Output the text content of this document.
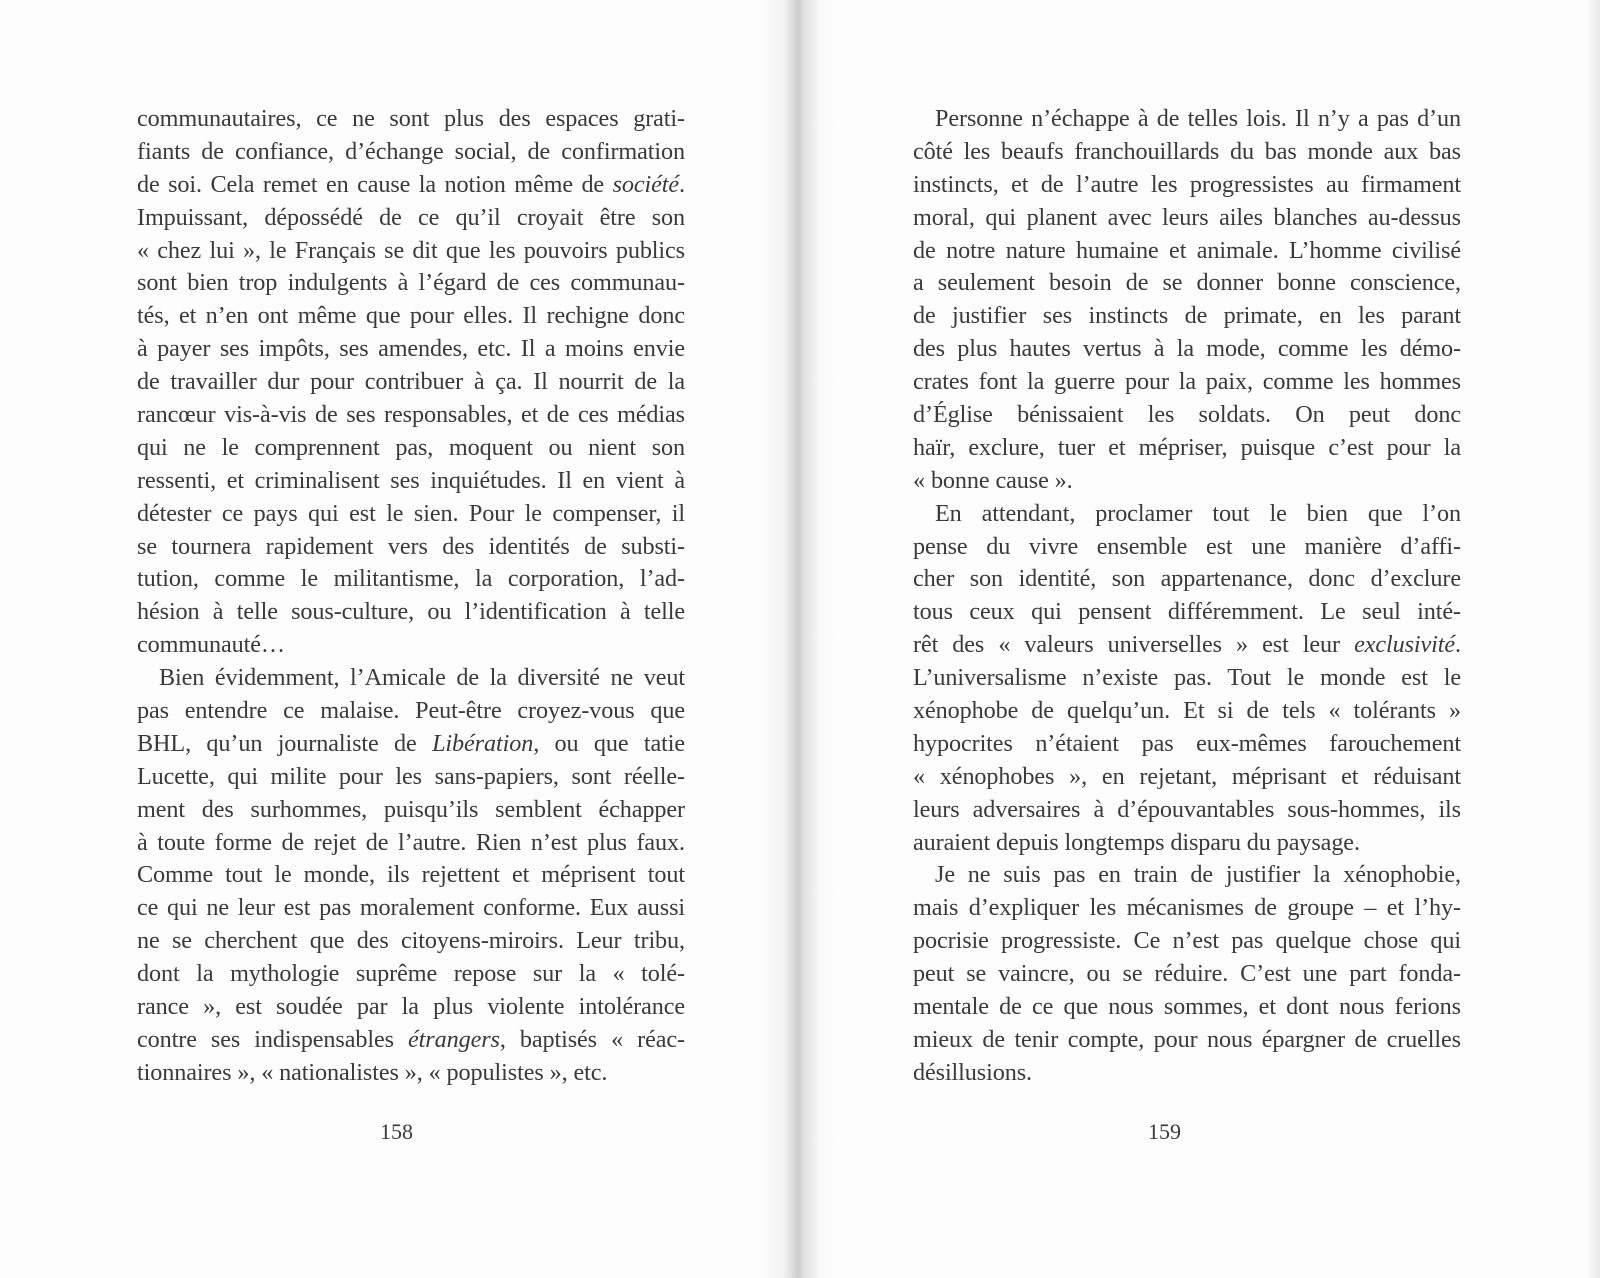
communautaires, ce ne sont plus des espaces grati-
fiants de confiance, d’échange social, de confirmation
de soi. Cela remet en cause la notion même de société.
Impuissant, dépossédé de ce qu’il croyait être son
« chez lui », le Français se dit que les pouvoirs publics
sont bien trop indulgents à l’égard de ces communau-
tés, et n’en ont même que pour elles. Il rechigne donc
à payer ses impôts, ses amendes, etc. Il a moins envie
de travailler dur pour contribuer à ça. Il nourrit de la
rancœur vis-à-vis de ses responsables, et de ces médias
qui ne le comprennent pas, moquent ou nient son
ressenti, et criminalisent ses inquiétudes. Il en vient à
détester ce pays qui est le sien. Pour le compenser, il
se tournera rapidement vers des identités de substi-
tution, comme le militantisme, la corporation, l’ad-
hésion à telle sous-culture, ou l’identification à telle
communauté…
Bien évidemment, l’Amicale de la diversité ne veut
pas entendre ce malaise. Peut-être croyez-vous que
BHL, qu’un journaliste de Libération, ou que tatie
Lucette, qui milite pour les sans-papiers, sont réelle-
ment des surhommes, puisqu’ils semblent échapper
à toute forme de rejet de l’autre. Rien n’est plus faux.
Comme tout le monde, ils rejettent et méprisent tout
ce qui ne leur est pas moralement conforme. Eux aussi
ne se cherchent que des citoyens-miroirs. Leur tribu,
dont la mythologie suprême repose sur la « tolé-
rance », est soudée par la plus violente intolérance
contre ses indispensables étrangers, baptisés « réac-
tionnaires », « nationalistes », « populistes », etc.
Personne n’échappe à de telles lois. Il n’y a pas d’un
côté les beaufs franchouillards du bas monde aux bas
instincts, et de l’autre les progressistes au firmament
moral, qui planent avec leurs ailes blanches au-dessus
de notre nature humaine et animale. L’homme civilisé
a seulement besoin de se donner bonne conscience,
de justifier ses instincts de primate, en les parant
des plus hautes vertus à la mode, comme les démo-
crates font la guerre pour la paix, comme les hommes
d’Église bénissaient les soldats. On peut donc
haïr, exclure, tuer et mépriser, puisque c’est pour la
« bonne cause ».
En attendant, proclamer tout le bien que l’on
pense du vivre ensemble est une manière d’affi-
cher son identité, son appartenance, donc d’exclure
tous ceux qui pensent différemment. Le seul inté-
rêt des « valeurs universelles » est leur exclusivité.
L’universalisme n’existe pas. Tout le monde est le
xénophobe de quelqu’un. Et si de tels « tolérants »
hypocrites n’étaient pas eux-mêmes farouchement
« xénophobes », en rejetant, méprisant et réduisant
leurs adversaires à d’épouvantables sous-hommes, ils
auraient depuis longtemps disparu du paysage.
Je ne suis pas en train de justifier la xénophobie,
mais d’expliquer les mécanismes de groupe – et l’hy-
pocrisie progressiste. Ce n’est pas quelque chose qui
peut se vaincre, ou se réduire. C’est une part fonda-
mentale de ce que nous sommes, et dont nous ferions
mieux de tenir compte, pour nous épargner de cruelles
désillusions.
158	159
